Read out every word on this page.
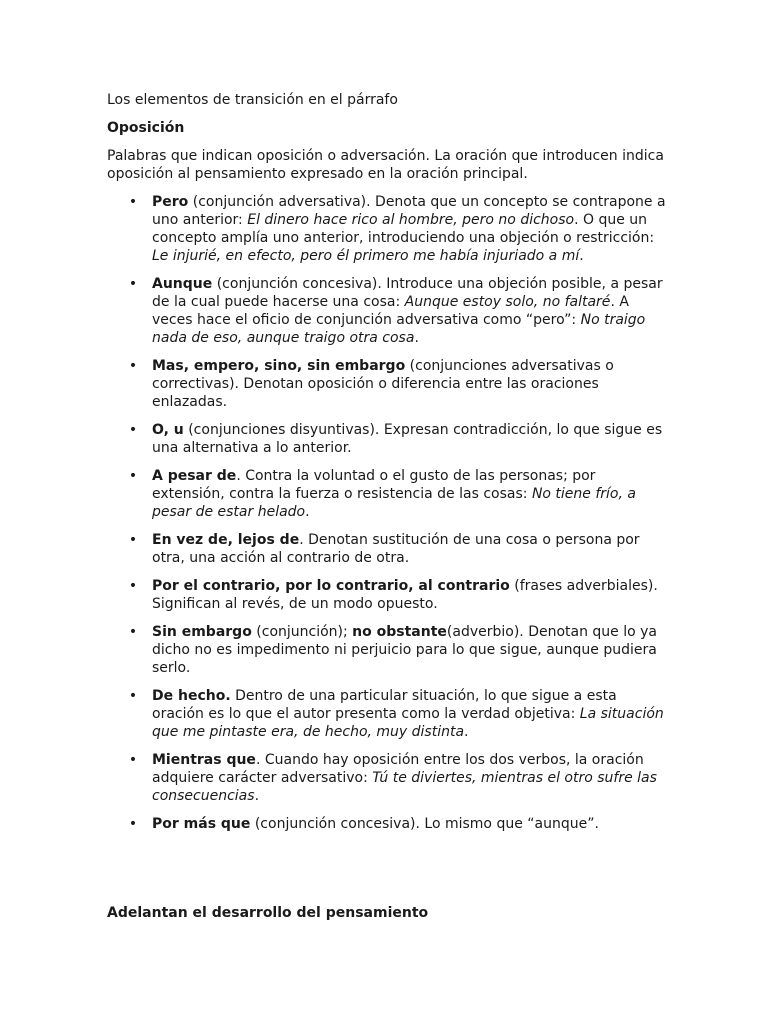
Los elementos de transición en el párrafo
Oposición

Palabras que indican oposición o adversación. La oración que introducen indica oposición al pensamiento expresado en la oración principal.

• Pero (conjunción adversativa). Denota que un concepto se contrapone a uno anterior: El dinero hace rico al hombre, pero no dichoso. O que un concepto amplía uno anterior, introduciendo una objeción o restricción: Le injurié, en efecto, pero él primero me había injuriado a mí.
• Aunque (conjunción concesiva). Introduce una objeción posible, a pesar de la cual puede hacerse una cosa: Aunque estoy solo, no faltaré. A veces hace el oficio de conjunción adversativa como “pero”: No traigo nada de eso, aunque traigo otra cosa.
• Mas, empero, sino, sin embargo (conjunciones adversativas o correctivas). Denotan oposición o diferencia entre las oraciones enlazadas.
• O, u (conjunciones disyuntivas). Expresan contradicción, lo que sigue es una alternativa a lo anterior.
• A pesar de. Contra la voluntad o el gusto de las personas; por extensión, contra la fuerza o resistencia de las cosas: No tiene frío, a pesar de estar helado.
• En vez de, lejos de. Denotan sustitución de una cosa o persona por otra, una acción al contrario de otra.
• Por el contrario, por lo contrario, al contrario (frases adverbiales). Significan al revés, de un modo opuesto.
• Sin embargo (conjunción); no obstante(adverbio). Denotan que lo ya dicho no es impedimento ni perjuicio para lo que sigue, aunque pudiera serlo.
• De hecho. Dentro de una particular situación, lo que sigue a esta oración es lo que el autor presenta como la verdad objetiva: La situación que me pintaste era, de hecho, muy distinta.
• Mientras que. Cuando hay oposición entre los dos verbos, la oración adquiere carácter adversativo: Tú te diviertes, mientras el otro sufre las consecuencias.
• Por más que (conjunción concesiva). Lo mismo que “aunque”.
Adelantan el desarrollo del pensamiento
